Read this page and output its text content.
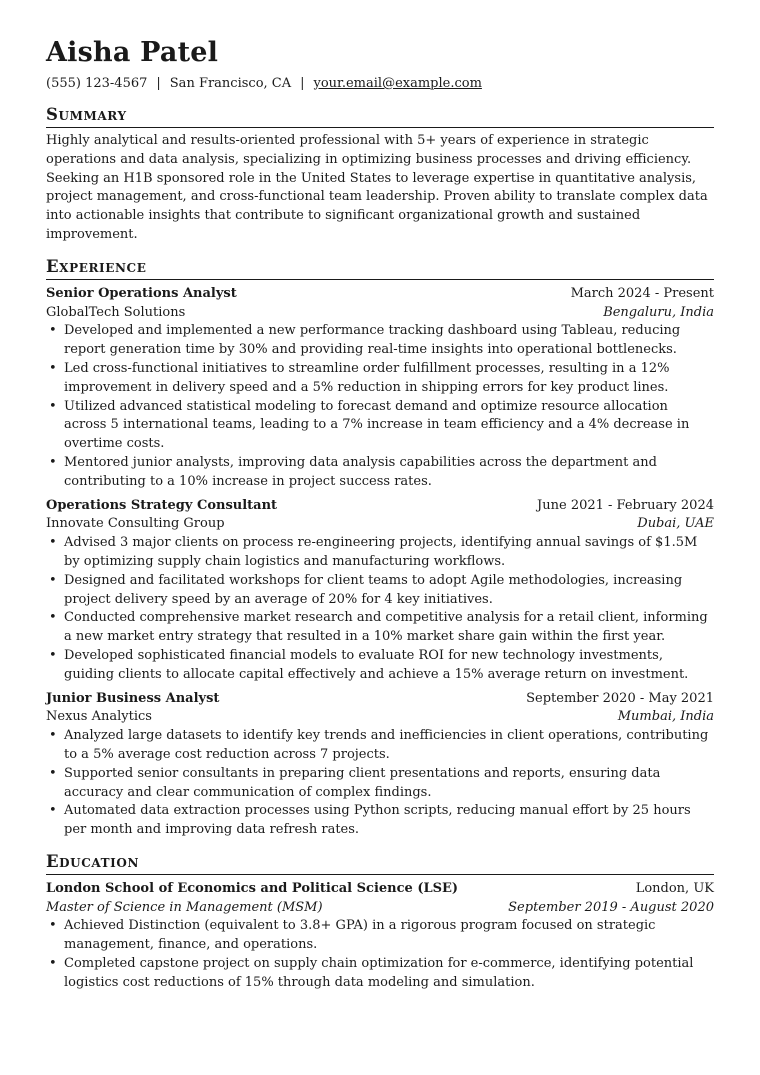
Aisha Patel
(555) 123-4567 | San Francisco, CA | your.email@example.com
Summary
Highly analytical and results-oriented professional with 5+ years of experience in strategic operations and data analysis, specializing in optimizing business processes and driving efficiency. Seeking an H1B sponsored role in the United States to leverage expertise in quantitative analysis, project management, and cross-functional team leadership. Proven ability to translate complex data into actionable insights that contribute to significant organizational growth and sustained improvement.
Experience
Senior Operations Analyst	March 2024 - Present
GlobalTech Solutions	Bengaluru, India
• Developed and implemented a new performance tracking dashboard using Tableau, reducing report generation time by 30% and providing real-time insights into operational bottlenecks.
• Led cross-functional initiatives to streamline order fulfillment processes, resulting in a 12% improvement in delivery speed and a 5% reduction in shipping errors for key product lines.
• Utilized advanced statistical modeling to forecast demand and optimize resource allocation across 5 international teams, leading to a 7% increase in team efficiency and a 4% decrease in overtime costs.
• Mentored junior analysts, improving data analysis capabilities across the department and contributing to a 10% increase in project success rates.
Operations Strategy Consultant	June 2021 - February 2024
Innovate Consulting Group	Dubai, UAE
• Advised 3 major clients on process re-engineering projects, identifying annual savings of $1.5M by optimizing supply chain logistics and manufacturing workflows.
• Designed and facilitated workshops for client teams to adopt Agile methodologies, increasing project delivery speed by an average of 20% for 4 key initiatives.
• Conducted comprehensive market research and competitive analysis for a retail client, informing a new market entry strategy that resulted in a 10% market share gain within the first year.
• Developed sophisticated financial models to evaluate ROI for new technology investments, guiding clients to allocate capital effectively and achieve a 15% average return on investment.
Junior Business Analyst	September 2020 - May 2021
Nexus Analytics	Mumbai, India
• Analyzed large datasets to identify key trends and inefficiencies in client operations, contributing to a 5% average cost reduction across 7 projects.
• Supported senior consultants in preparing client presentations and reports, ensuring data accuracy and clear communication of complex findings.
• Automated data extraction processes using Python scripts, reducing manual effort by 25 hours per month and improving data refresh rates.
Education
London School of Economics and Political Science (LSE)	London, UK
Master of Science in Management (MSM)	September 2019 - August 2020
• Achieved Distinction (equivalent to 3.8+ GPA) in a rigorous program focused on strategic management, finance, and operations.
• Completed capstone project on supply chain optimization for e-commerce, identifying potential logistics cost reductions of 15% through data modeling and simulation.
